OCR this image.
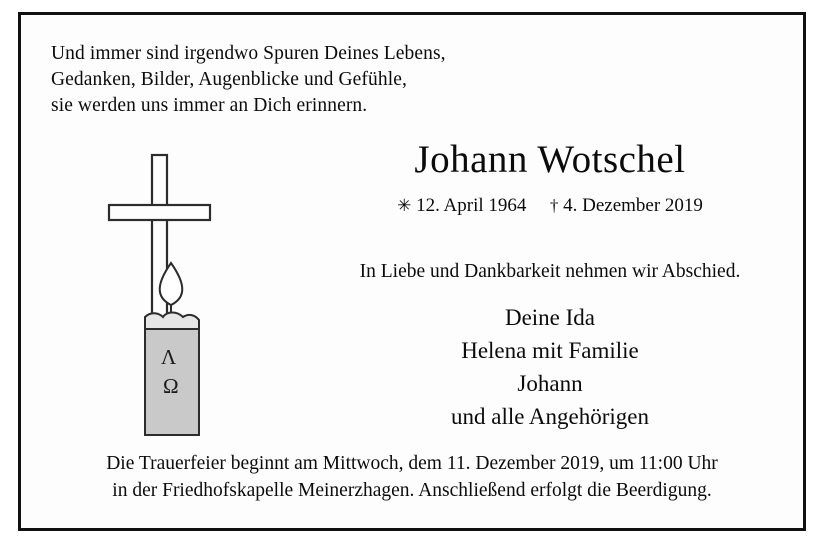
Und immer sind irgendwo Spuren Deines Lebens,
Gedanken, Bilder, Augenblicke und Gefühle,
sie werden uns immer an Dich erinnern.
Λ
Ω
Johann Wotschel
✳ 12. April 1964 † 4. Dezember 2019
In Liebe und Dankbarkeit nehmen wir Abschied.
Deine Ida
Helena mit Familie
Johann
und alle Angehörigen
Die Trauerfeier beginnt am Mittwoch, dem 11. Dezember 2019, um 11:00 Uhr
in der Friedhofskapelle Meinerzhagen. Anschließend erfolgt die Beerdigung.
